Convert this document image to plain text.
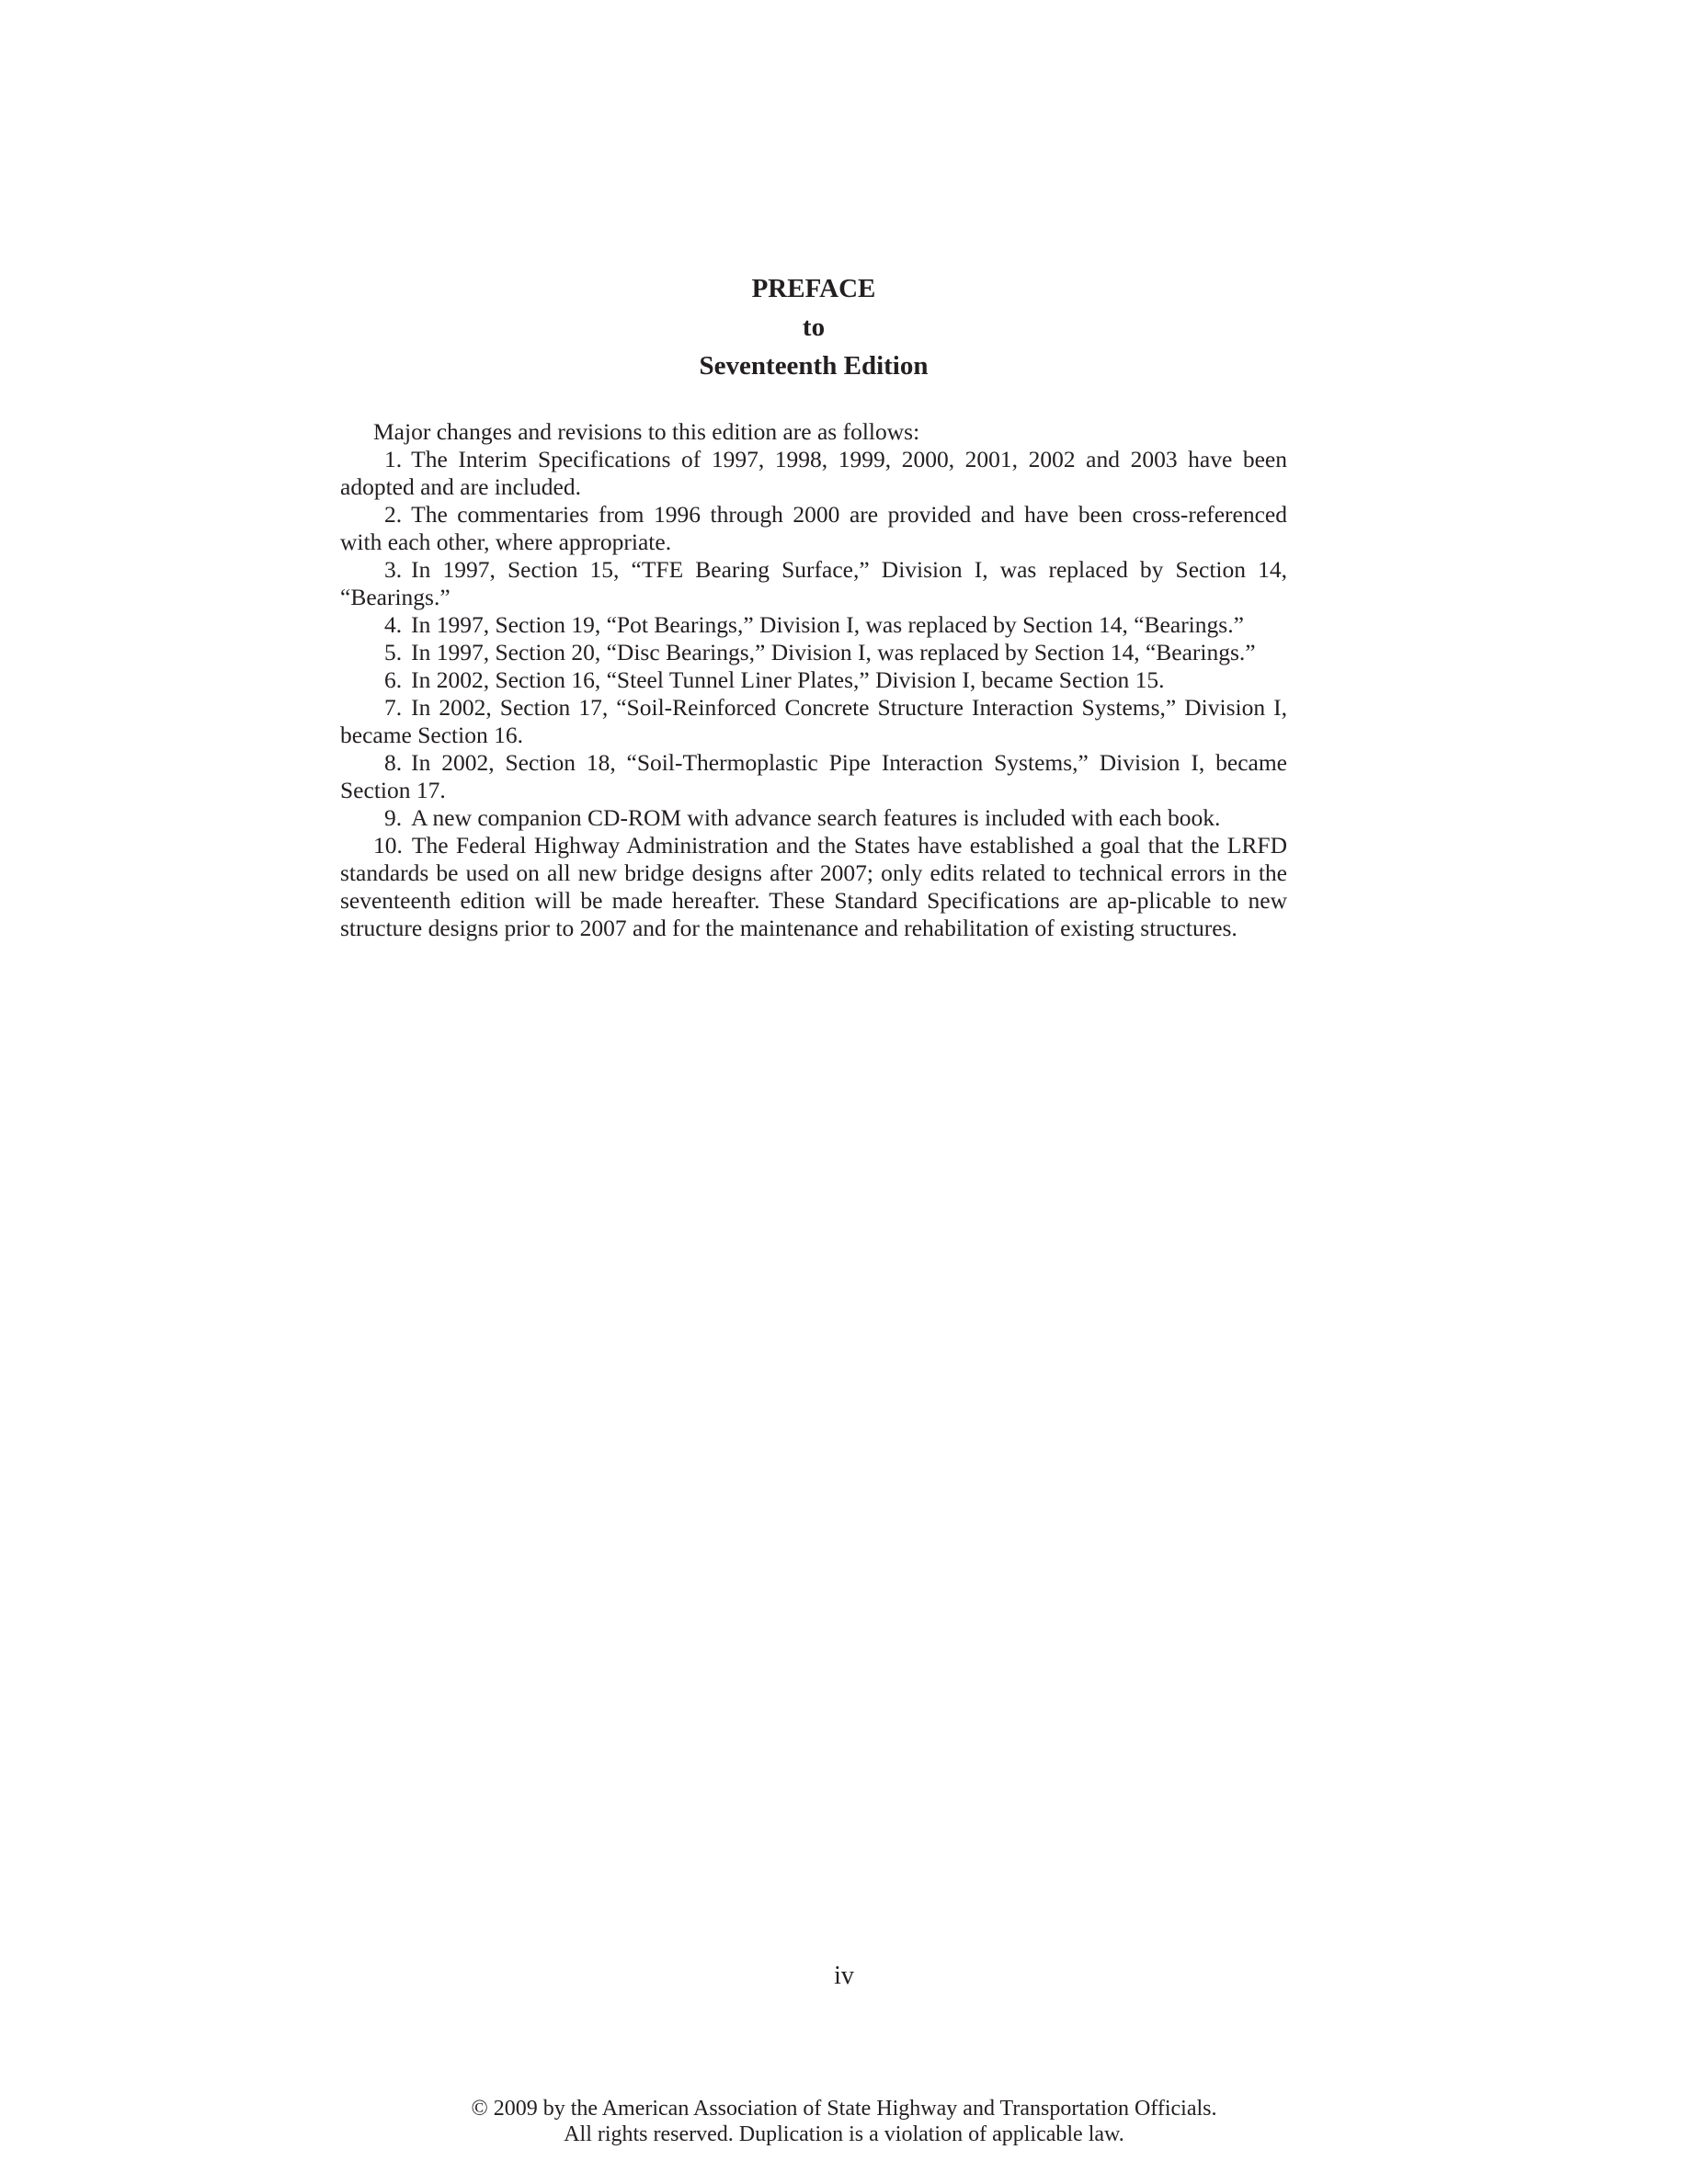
PREFACE
to
Seventeenth Edition

Major changes and revisions to this edition are as follows:

1. The Interim Specifications of 1997, 1998, 1999, 2000, 2001, 2002 and 2003 have been adopted and are included.

2. The commentaries from 1996 through 2000 are provided and have been cross-referenced with each other, where appropriate.

3. In 1997, Section 15, “TFE Bearing Surface,” Division I, was replaced by Section 14, “Bearings.”

4. In 1997, Section 19, “Pot Bearings,” Division I, was replaced by Section 14, “Bearings.”

5. In 1997, Section 20, “Disc Bearings,” Division I, was replaced by Section 14, “Bearings.”

6. In 2002, Section 16, “Steel Tunnel Liner Plates,” Division I, became Section 15.

7. In 2002, Section 17, “Soil-Reinforced Concrete Structure Interaction Systems,” Division I, became Section 16.

8. In 2002, Section 18, “Soil-Thermoplastic Pipe Interaction Systems,” Division I, became Section 17.

9. A new companion CD-ROM with advance search features is included with each book.

10. The Federal Highway Administration and the States have established a goal that the LRFD standards be used on all new bridge designs after 2007; only edits related to technical errors in the seventeenth edition will be made hereafter. These Standard Specifications are ap-plicable to new structure designs prior to 2007 and for the maintenance and rehabilitation of existing structures.

iv
© 2009 by the American Association of State Highway and Transportation Officials.
All rights reserved. Duplication is a violation of applicable law.
